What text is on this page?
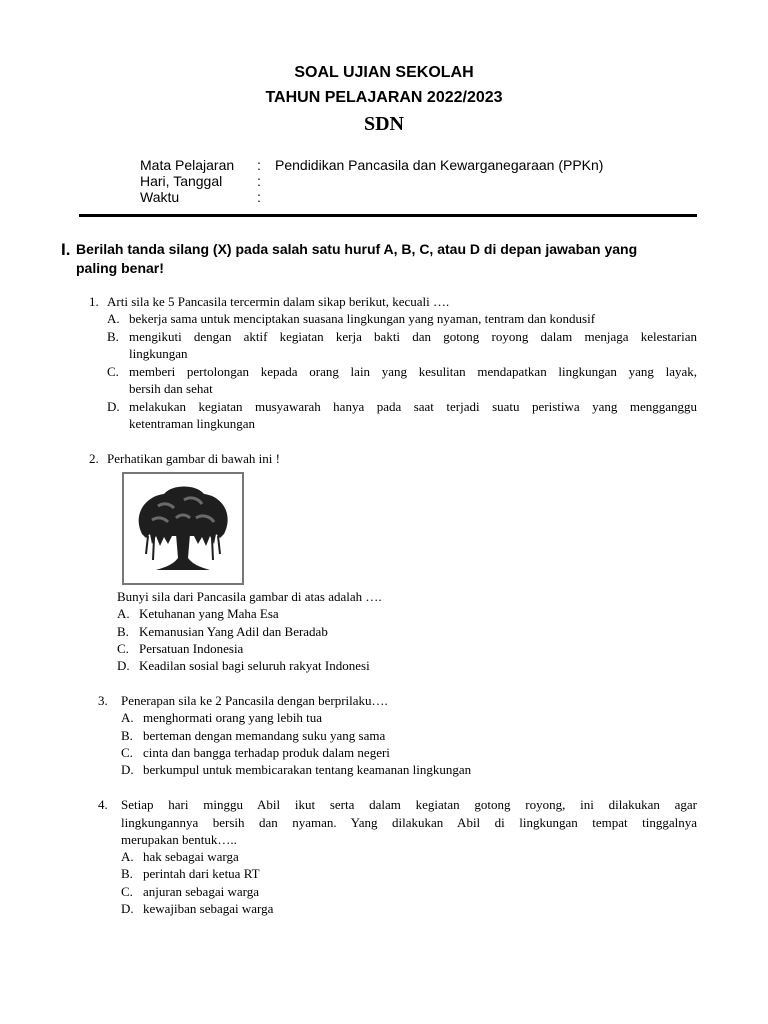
SOAL UJIAN SEKOLAH
TAHUN PELAJARAN 2022/2023
SDN
Mata Pelajaran : Pendidikan Pancasila dan Kewarganegaraan (PPKn)
Hari, Tanggal :
Waktu	:
I. Berilah tanda silang (X) pada salah satu huruf A, B, C, atau D di depan jawaban yang
paling benar!
1. Arti sila ke 5 Pancasila tercermin dalam sikap berikut, kecuali ….
A. bekerja sama untuk menciptakan suasana lingkungan yang nyaman, tentram dan kondusif
B. mengikuti dengan aktif kegiatan kerja bakti dan gotong royong dalam menjaga kelestarian
lingkungan
C. memberi pertolongan kepada orang lain yang kesulitan mendapatkan lingkungan yang layak,
bersih dan sehat
D. melakukan kegiatan musyawarah hanya pada saat terjadi suatu peristiwa yang mengganggu
ketentraman lingkungan
2. Perhatikan gambar di bawah ini !
Bunyi sila dari Pancasila gambar di atas adalah ….
A. Ketuhanan yang Maha Esa
B. Kemanusian Yang Adil dan Beradab
C. Persatuan Indonesia
D. Keadilan sosial bagi seluruh rakyat Indonesi
3. Penerapan sila ke 2 Pancasila dengan berprilaku….
A. menghormati orang yang lebih tua
B. berteman dengan memandang suku yang sama
C. cinta dan bangga terhadap produk dalam negeri
D. berkumpul untuk membicarakan tentang keamanan lingkungan
4. Setiap hari minggu Abil ikut serta dalam kegiatan gotong royong, ini dilakukan agar
lingkungannya bersih dan nyaman. Yang dilakukan Abil di lingkungan tempat tinggalnya
merupakan bentuk…..
A. hak sebagai warga
B. perintah dari ketua RT
C. anjuran sebagai warga
D. kewajiban sebagai warga
